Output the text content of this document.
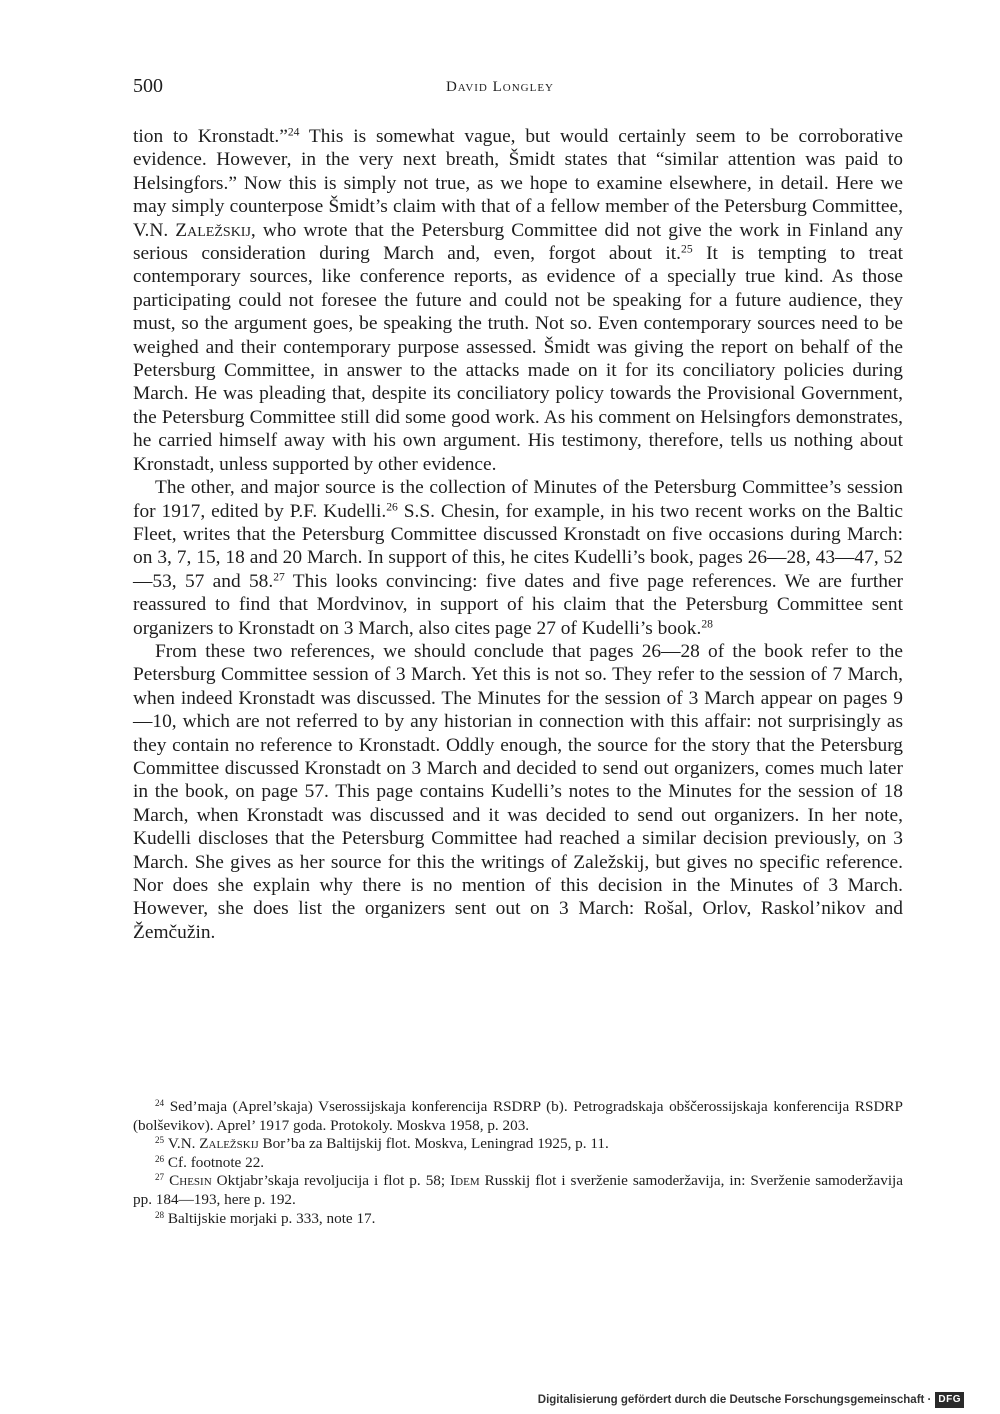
500	David Longley

tion to Kronstadt.”$^{24}$ This is somewhat vague, but would certainly seem to be corroborative evidence. However, in the very next breath, Šmidt states that “similar attention was paid to Helsingfors.” Now this is simply not true, as we hope to examine elsewhere, in detail. Here we may simply counterpose Šmidt’s claim with that of a fellow member of the Petersburg Committee, V.N. Zaležskij, who wrote that the Petersburg Committee did not give the work in Finland any serious consideration during March and, even, forgot about it.$^{25}$ It is tempting to treat contemporary sources, like conference reports, as evidence of a specially true kind. As those participating could not foresee the future and could not be speaking for a future audience, they must, so the argument goes, be speaking the truth. Not so. Even contemporary sources need to be weighed and their contemporary purpose assessed. Šmidt was giving the report on behalf of the Petersburg Committee, in answer to the attacks made on it for its conciliatory policies during March. He was pleading that, despite its conciliatory policy towards the Provisional Government, the Petersburg Committee still did some good work. As his comment on Helsingfors demonstrates, he carried himself away with his own argument. His testimony, therefore, tells us nothing about Kronstadt, unless supported by other evidence.

The other, and major source is the collection of Minutes of the Petersburg Committee’s session for 1917, edited by P.F. Kudelli.$^{26}$ S.S. Chesin, for example, in his two recent works on the Baltic Fleet, writes that the Petersburg Committee discussed Kronstadt on five occasions during March: on 3, 7, 15, 18 and 20 March. In support of this, he cites Kudelli’s book, pages 26—28, 43—47, 52—53, 57 and 58.27 This looks convincing: five dates and five page references. We are further reassured to find that Mordvinov, in support of his claim that the Petersburg Committee sent organizers to Kronstadt on 3 March, also cites page 27 of Kudelli’s book.$^{28}$

From these two references, we should conclude that pages 26—28 of the book refer to the Petersburg Committee session of 3 March. Yet this is not so. They refer to the session of 7 March, when indeed Kronstadt was discussed. The Minutes for the session of 3 March appear on pages 9—10, which are not referred to by any historian in connection with this affair: not surprisingly as they contain no reference to Kronstadt. Oddly enough, the source for the story that the Petersburg Committee discussed Kronstadt on 3 March and decided to send out organizers, comes much later in the book, on page 57. This page contains Kudelli’s notes to the Minutes for the session of 18 March, when Kronstadt was discussed and it was decided to send out organizers. In her note, Kudelli discloses that the Petersburg Committee had reached a similar decision previously, on 3 March. She gives as her source for this the writings of Zaležskij, but gives no specific reference. Nor does she explain why there is no mention of this decision in the Minutes of 3 March. However, she does list the organizers sent out on 3 March: Rošal, Orlov, Raskol’nikov and Žemčužin.

$^{24}$ Sed’maja (Aprel’skaja) Vserossijskaja konferencija RSDRP (b). Petrogradskaja obščerossijskaja konferencija RSDRP (bolševikov). Aprel’ 1917 goda. Protokoly. Moskva 1958, p. 203.

$^{25}$ V.N. Zaležskij Bor’ba za Baltijskij flot. Moskva, Leningrad 1925, p. 11.

$^{26}$ Cf. footnote 22.

$^{27}$ Chesin Oktjabr’skaja revoljucija i flot p. 58; Idem Russkij flot i sverženie samoderžavija, in: Sverženie samoderžavija pp. 184—193, here p. 192.

$^{28}$ Baltijskie morjaki p. 333, note 17.

Digitalisierung gefördert durch die Deutsche Forschungsgemeinschaft · DFG
